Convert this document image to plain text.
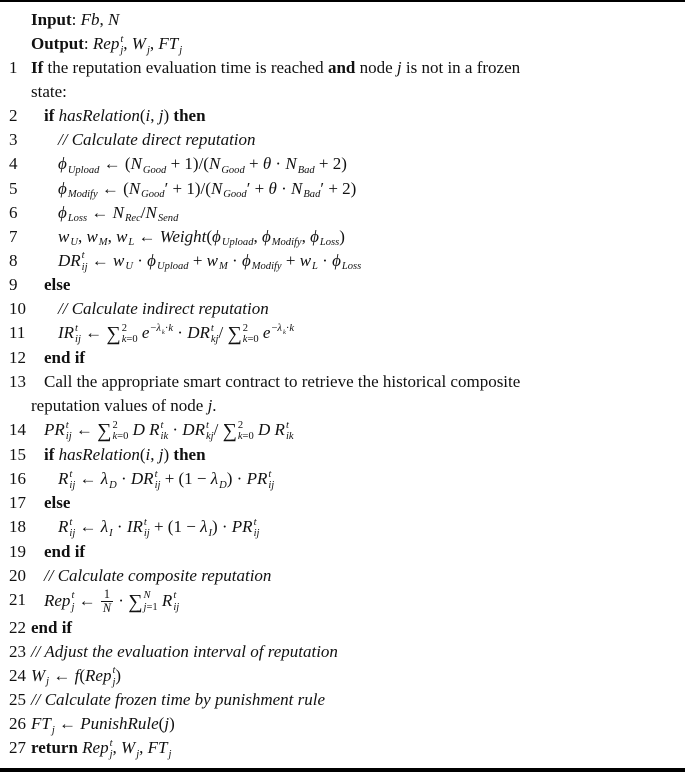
Input: Fb, N
Output: Rep t
j , W j , FT j
1 If the reputation evaluation time is reached and node j is not in a frozen
state:
2	if hasRelation(i, j) then
3	// Calculate direct reputation
4	ϕ Upload ← (N Good + 1)/(N Good + θ · N Bad + 2)
5	ϕ Modify ← (N Good ′ + 1)/(N Good ′ + θ · N Bad ′ + 2)
6	ϕ Loss ← N Rec /N Send
7	w U , w M , w L ← Weight(ϕ Upload , ϕ Modify , ϕ Loss )
8	DR t
ij ← w U · ϕ Upload + w M · ϕ Modify + w L · ϕ Loss
9	else
10 // Calculate indirect reputation
11	IR t
ij ← ∑ 2
k=0 e −λ k ·k · DR t
kj / ∑ 2
k=0 e −λ k ·k
12 end if
13	Call the appropriate smart contract to retrieve the historical composite
reputation values of node j.
14 PR t
ij ← ∑ 2
k=0 D R t
ik · DR t
kj / ∑ 2
k=0 D R t
ik
15 if hasRelation(i, j) then
16 R t
ij ← λ D · DR t
ij + (1 − λ D ) · PR t
ij
17 else
18 R t
ij ← λ I · IR t
ij + (1 − λ I ) · PR t
ij
19 end if
20 // Calculate composite reputation
21 Rep t
j ← $\frac{1}{N}$ · ∑ N
j=1 R t
ij
22 end if
23 // Adjust the evaluation interval of reputation
24 W j ← f(Rep t
j )
25 // Calculate frozen time by punishment rule
26 FT j ← PunishRule(j)
27 return Rep t
j , W j , FT j
